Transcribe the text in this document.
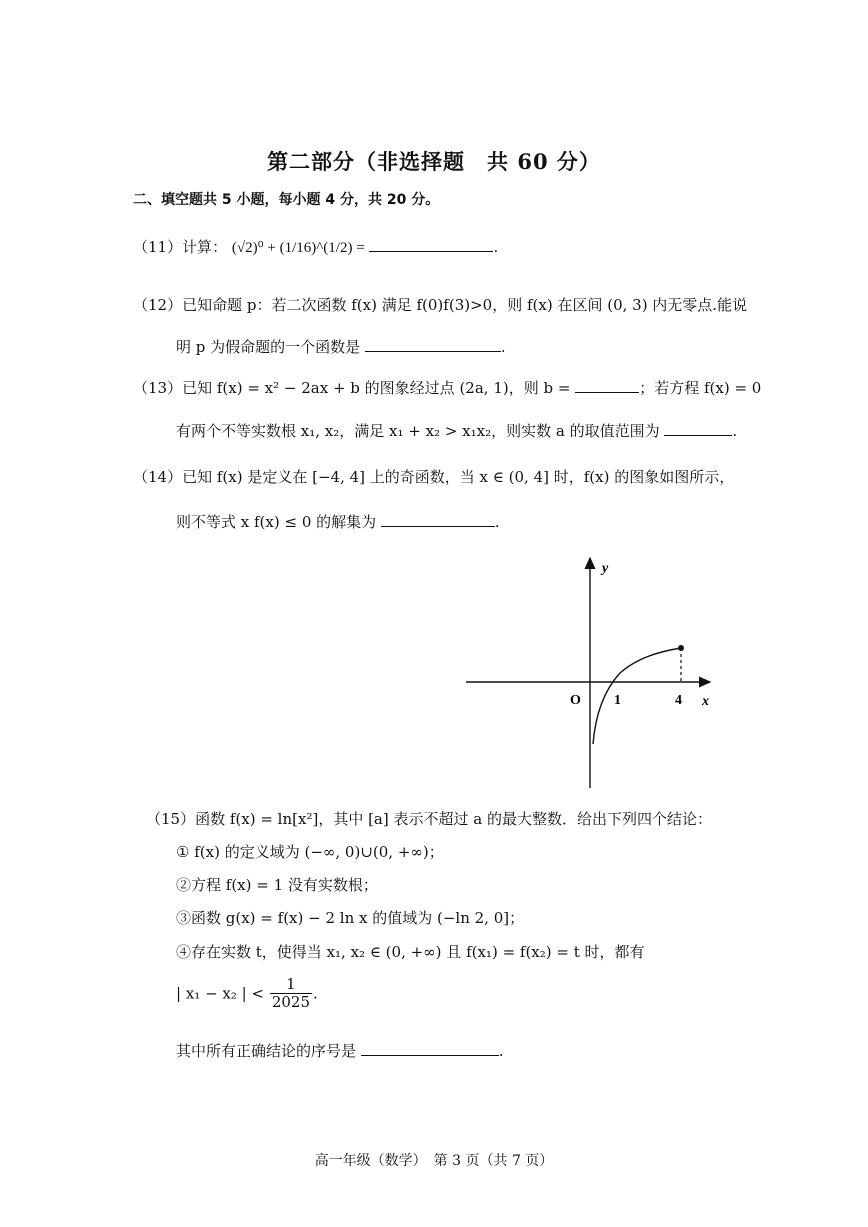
第二部分（非选择题　共 60 分）
二、填空题共 5 小题，每小题 4 分，共 20 分。
（11）计算： (√2)⁰ + (1/16)^(1/2) =	.
（12）已知命题 p：若二次函数 f(x) 满足 f(0)f(3)>0，则 f(x) 在区间 (0, 3) 内无零点.能说
明 p 为假命题的一个函数是	.
（13）已知 f(x) = x² − 2ax + b 的图象经过点 (2a, 1)，则 b =	；若方程 f(x) = 0
有两个不等实数根 x₁, x₂，满足 x₁ + x₂ > x₁x₂，则实数 a 的取值范围为	.
（14）已知 f(x) 是定义在 [−4, 4] 上的奇函数，当 x ∈ (0, 4] 时，f(x) 的图象如图所示，
则不等式 x f(x) ≤ 0 的解集为	.
y
x
O 1	4
（15）函数 f(x) = ln[x²]，其中 [a] 表示不超过 a 的最大整数．给出下列四个结论：
① f(x) 的定义域为 (−∞, 0)∪(0, +∞)；
②方程 f(x) = 1 没有实数根；
③函数 g(x) = f(x) − 2 ln x 的值域为 (−ln 2, 0]；
④存在实数 t，使得当 x₁, x₂ ∈ (0, +∞) 且 f(x₁) = f(x₂) = t 时，都有
| x₁ − x₂ | < $\frac{1}{2025}$ .
其中所有正确结论的序号是	.
高一年级（数学）　第 3 页（共 7 页）
